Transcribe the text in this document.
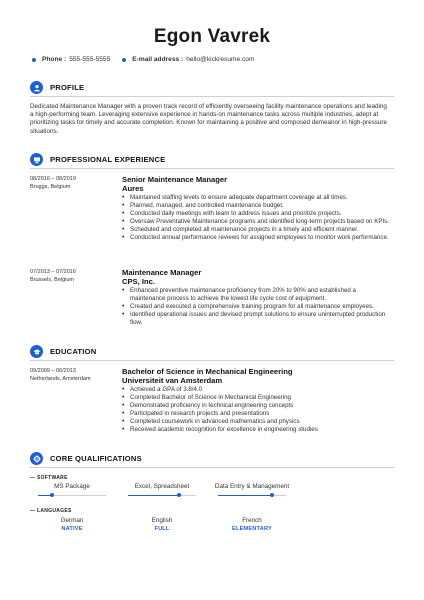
Egon Vavrek
Phone : 555-555-5555	E-mail address : hello@kickresume.com
PROFILE
Dedicated Maintenance Manager with a proven track record of efficiently overseeing facility maintenance operations and leading a high-performing team. Leveraging extensive experience in hands-on maintenance tasks across multiple industries, adept at prioritizing tasks for timely and accurate completion. Known for maintaining a positive and composed demeanor in high-pressure situations.
PROFESSIONAL EXPERIENCE
08/2016 – 08/2019
Bruggs, Belgium
Senior Maintenance Manager
Aures
• Maintained staffing levels to ensure adequate department coverage at all times.
• Planned, managed, and controlled maintenance budget.
• Conducted daily meetings with team to address issues and prioritize projects.
• Oversaw Preventative Maintenance programs and identified long-term projects based on KPIs.
• Scheduled and completed all maintenance projects in a timely and efficient manner.
• Conducted annual performance reviews for assigned employees to monitor work performance.
07/2013 – 07/2016
Brussels, Belgium
Maintenance Manager
CPS, Inc.
• Enhanced preventive maintenance proficiency from 20% to 90% and established a maintenance process to achieve the lowest life cycle cost of equipment.
• Created and executed a comprehensive training program for all maintenance employees.
• Identified operational issues and devised prompt solutions to ensure uninterrupted production flow.
EDUCATION
09/2009 – 06/2013
Netherlands, Amsterdam
Bachelor of Science in Mechanical Engineering
Universiteit van Amsterdam
• Achieved a GPA of 3.8/4.0
• Completed Bachelor of Science in Mechanical Engineering
• Demonstrated proficiency in technical engineering concepts
• Participated in research projects and presentations
• Completed coursework in advanced mathematics and physics
• Received academic recognition for excellence in engineering studies
CORE QUALIFICATIONS
— SOFTWARE
MS Package	Excel, Spreadsheet	Data Entry & Management
— LANGUAGES
German
NATIVE
English
FULL
French
ELEMENTARY
